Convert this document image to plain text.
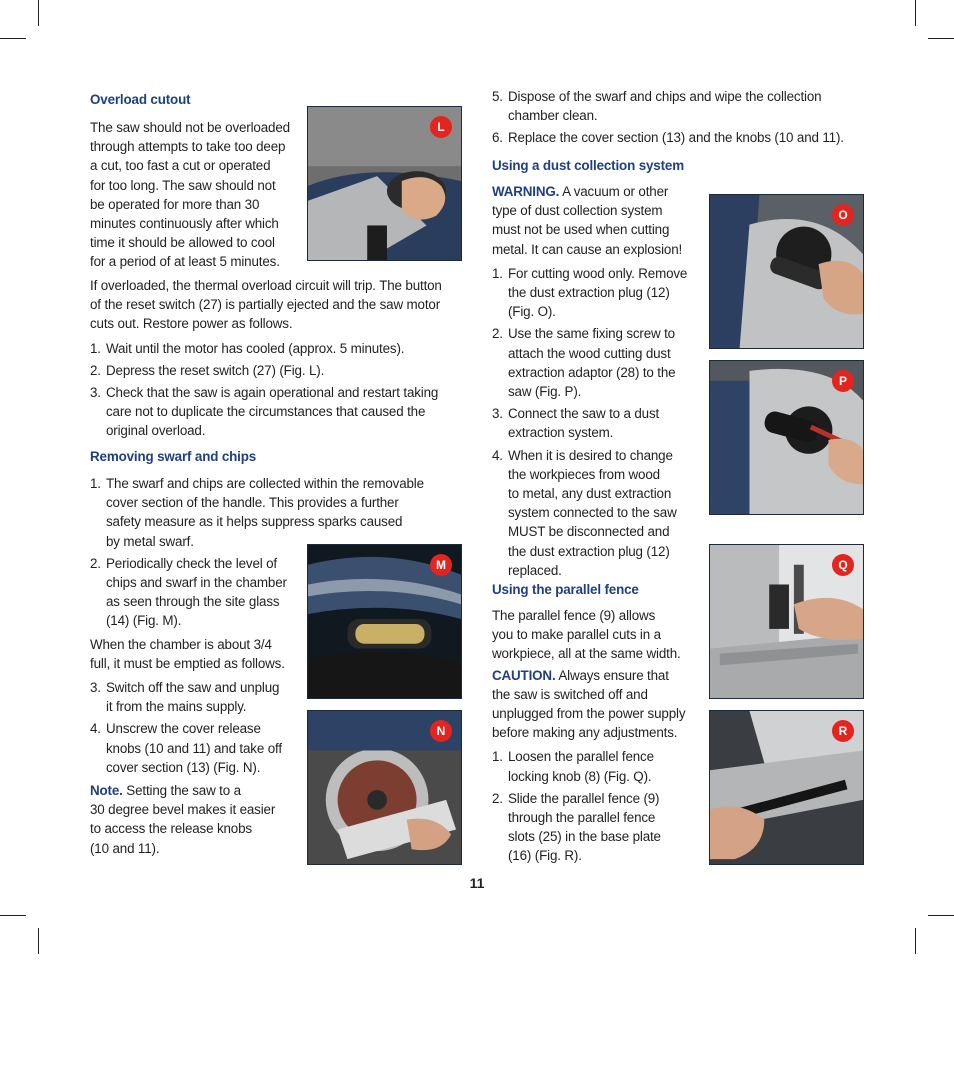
Overload cutout
The saw should not be overloaded
through attempts to take too deep
a cut, too fast a cut or operated
for too long. The saw should not
be operated for more than 30
minutes continuously after which
time it should be allowed to cool
for a period of at least 5 minutes.

If overloaded, the thermal overload circuit will trip. The button
of the reset switch (27) is partially ejected and the saw motor
cuts out. Restore power as follows.

1. Wait until the motor has cooled (approx. 5 minutes).
2. Depress the reset switch (27) (Fig. L).
3. Check that the saw is again operational and restart taking
care not to duplicate the circumstances that caused the
original overload.
Removing swarf and chips
1. The swarf and chips are collected within the removable
cover section of the handle. This provides a further
safety measure as it helps suppress sparks caused
by metal swarf.
2. Periodically check the level of
chips and swarf in the chamber
as seen through the site glass
(14) (Fig. M).

When the chamber is about 3/4
full, it must be emptied as follows.

3. Switch off the saw and unplug
it from the mains supply.
4. Unscrew the cover release
knobs (10 and 11) and take off
cover section (13) (Fig. N).

Note. Setting the saw to a
30 degree bevel makes it easier
to access the release knobs
(10 and 11).

5. Dispose of the swarf and chips and wipe the collection
chamber clean.
6. Replace the cover section (13) and the knobs (10 and 11).
Using a dust collection system

WARNING. A vacuum or other
type of dust collection system
must not be used when cutting
metal. It can cause an explosion!

1. For cutting wood only. Remove
the dust extraction plug (12)
(Fig. O).
2. Use the same fixing screw to
attach the wood cutting dust
extraction adaptor (28) to the
saw (Fig. P).
3. Connect the saw to a dust
extraction system.
4. When it is desired to change
the workpieces from wood
to metal, any dust extraction
system connected to the saw
MUST be disconnected and
the dust extraction plug (12)
replaced.
Using the parallel fence

The parallel fence (9) allows
you to make parallel cuts in a
workpiece, all at the same width.

CAUTION. Always ensure that
the saw is switched off and
unplugged from the power supply
before making any adjustments.

1. Loosen the parallel fence
locking knob (8) (Fig. Q).
2. Slide the parallel fence (9)
through the parallel fence
slots (25) in the base plate
(16) (Fig. R).
L
M
N
O
P
Q
R
11
